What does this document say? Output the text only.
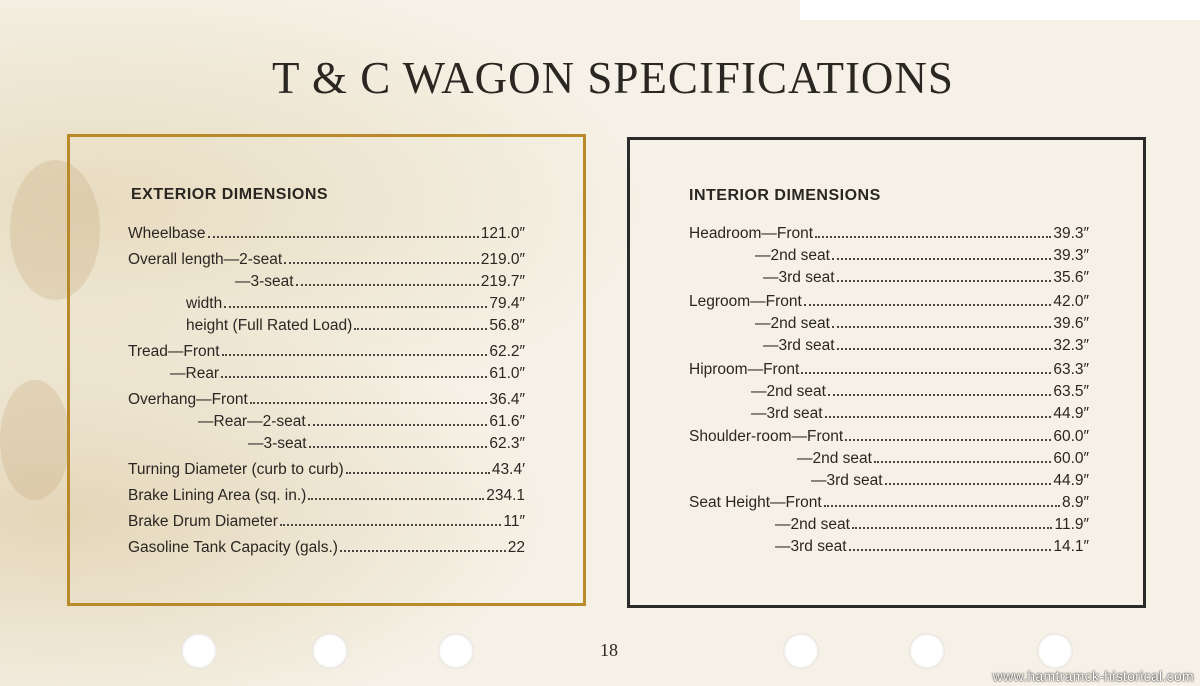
T & C WAGON SPECIFICATIONS
EXTERIOR DIMENSIONS
Wheelbase	121.0″
Overall length—2-seat	219.0″
—3-seat	219.7″
width	79.4″
height (Full Rated Load)	56.8″
Tread—Front	62.2″
—Rear	61.0″
Overhang—Front	36.4″
—Rear—2-seat	61.6″
—3-seat	62.3″
Turning Diameter (curb to curb)	43.4′
Brake Lining Area (sq. in.)	234.1
Brake Drum Diameter	11″
Gasoline Tank Capacity (gals.)	22
INTERIOR DIMENSIONS
Headroom—Front	39.3″
—2nd seat	39.3″
—3rd seat	35.6″
Legroom—Front	42.0″
—2nd seat	39.6″
—3rd seat	32.3″
Hiproom—Front	63.3″
—2nd seat	63.5″
—3rd seat	44.9″
Shoulder-room—Front	60.0″
—2nd seat	60.0″
—3rd seat	44.9″
Seat Height—Front	8.9″
—2nd seat	11.9″
—3rd seat	14.1″
18
www.hamtramck-historical.com
